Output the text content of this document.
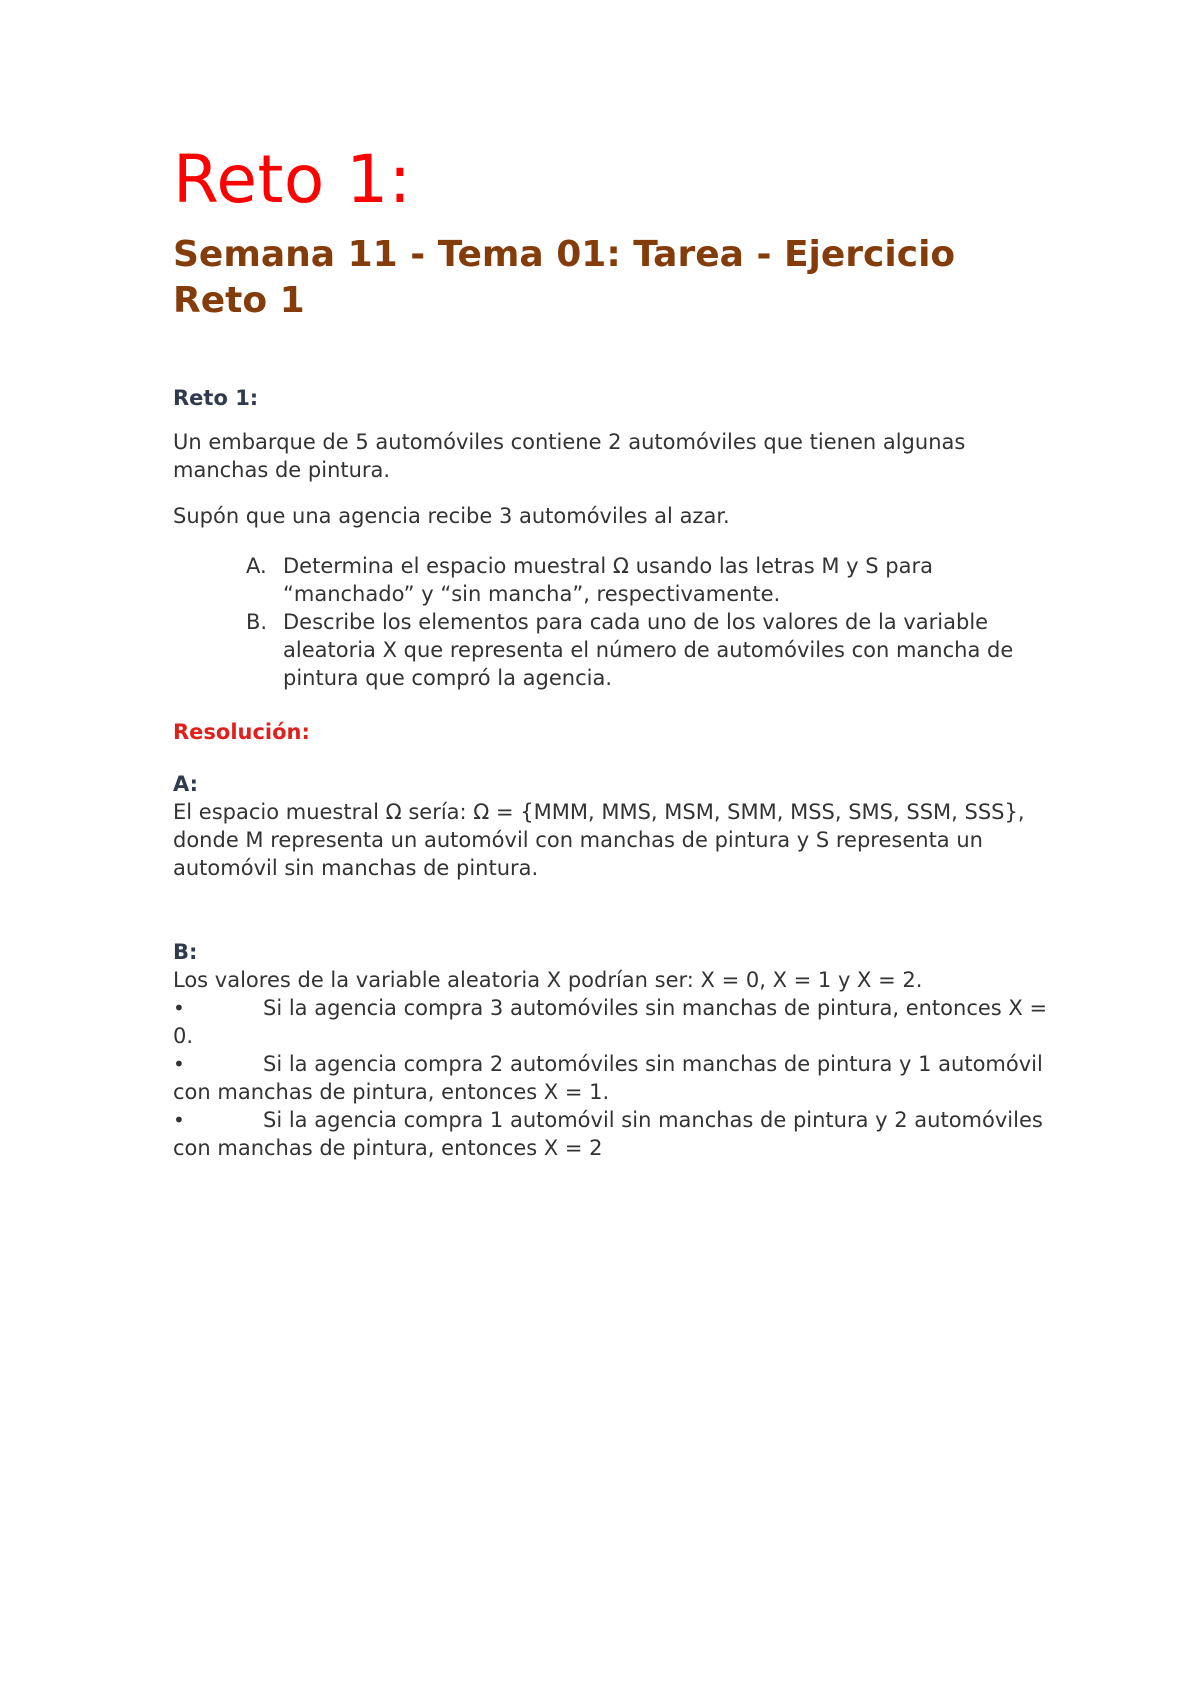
Reto 1:
Semana 11 - Tema 01: Tarea - Ejercicio Reto 1
Reto 1:

Un embarque de 5 automóviles contiene 2 automóviles que tienen algunas manchas de pintura.

Supón que una agencia recibe 3 automóviles al azar.

A. Determina el espacio muestral Ω usando las letras M y S para “manchado” y “sin mancha”, respectivamente.
B. Describe los elementos para cada uno de los valores de la variable aleatoria X que representa el número de automóviles con mancha de pintura que compró la agencia.
Resolución:
A:

El espacio muestral Ω sería: Ω = {MMM, MMS, MSM, SMM, MSS, SMS, SSM, SSS}, donde M representa un automóvil con manchas de pintura y S representa un automóvil sin manchas de pintura.

B:

Los valores de la variable aleatoria X podrían ser: X = 0, X = 1 y X = 2.

•	Si la agencia compra 3 automóviles sin manchas de pintura, entonces X = 0.

•	Si la agencia compra 2 automóviles sin manchas de pintura y 1 automóvil con manchas de pintura, entonces X = 1.

•	Si la agencia compra 1 automóvil sin manchas de pintura y 2 automóviles con manchas de pintura, entonces X = 2
